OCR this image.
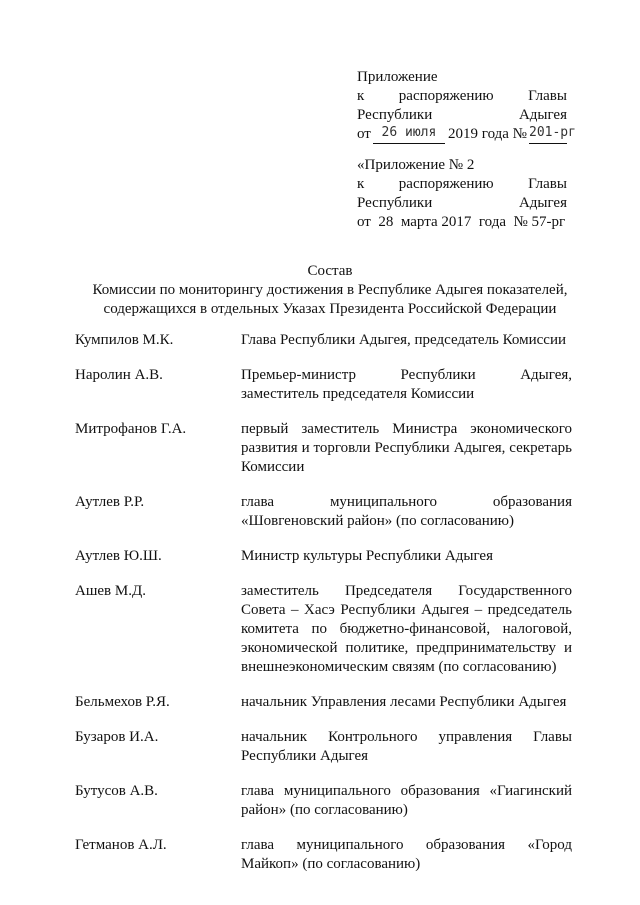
Приложение
к распоряжению Главы
Республики	Адыгея
от 26 июля 2019 года № 201-рг
«Приложение № 2
к распоряжению Главы
Республики	Адыгея
от  28  марта 2017  года  № 57-рг
Состав
Комиссии по мониторингу достижения в Республике Адыгея показателей,
содержащихся в отдельных Указах Президента Российской Федерации
Кумпилов М.К.	Глава Республики Адыгея, председатель Комиссии
Наролин А.В.	Премьер-министр Республики Адыгея, заместитель председателя Комиссии
Митрофанов Г.А.	первый заместитель Министра экономического развития и торговли Республики Адыгея, секретарь Комиссии
Аутлев Р.Р.	глава муниципального образования «Шовгеновский район» (по согласованию)
Аутлев Ю.Ш.	Министр культуры Республики Адыгея
Ашев М.Д.	заместитель Председателя Государственного Совета – Хасэ Республики Адыгея – председатель комитета по бюджетно-финансовой, налоговой, экономической политике, предпринимательству и внешнеэкономическим связям (по согласованию)
Бельмехов Р.Я.	начальник Управления лесами Республики Адыгея
Бузаров И.А.	начальник Контрольного управления Главы Республики Адыгея
Бутусов А.В.	глава муниципального образования «Гиагинский район» (по согласованию)
Гетманов А.Л.	глава муниципального образования «Город Майкоп» (по согласованию)
